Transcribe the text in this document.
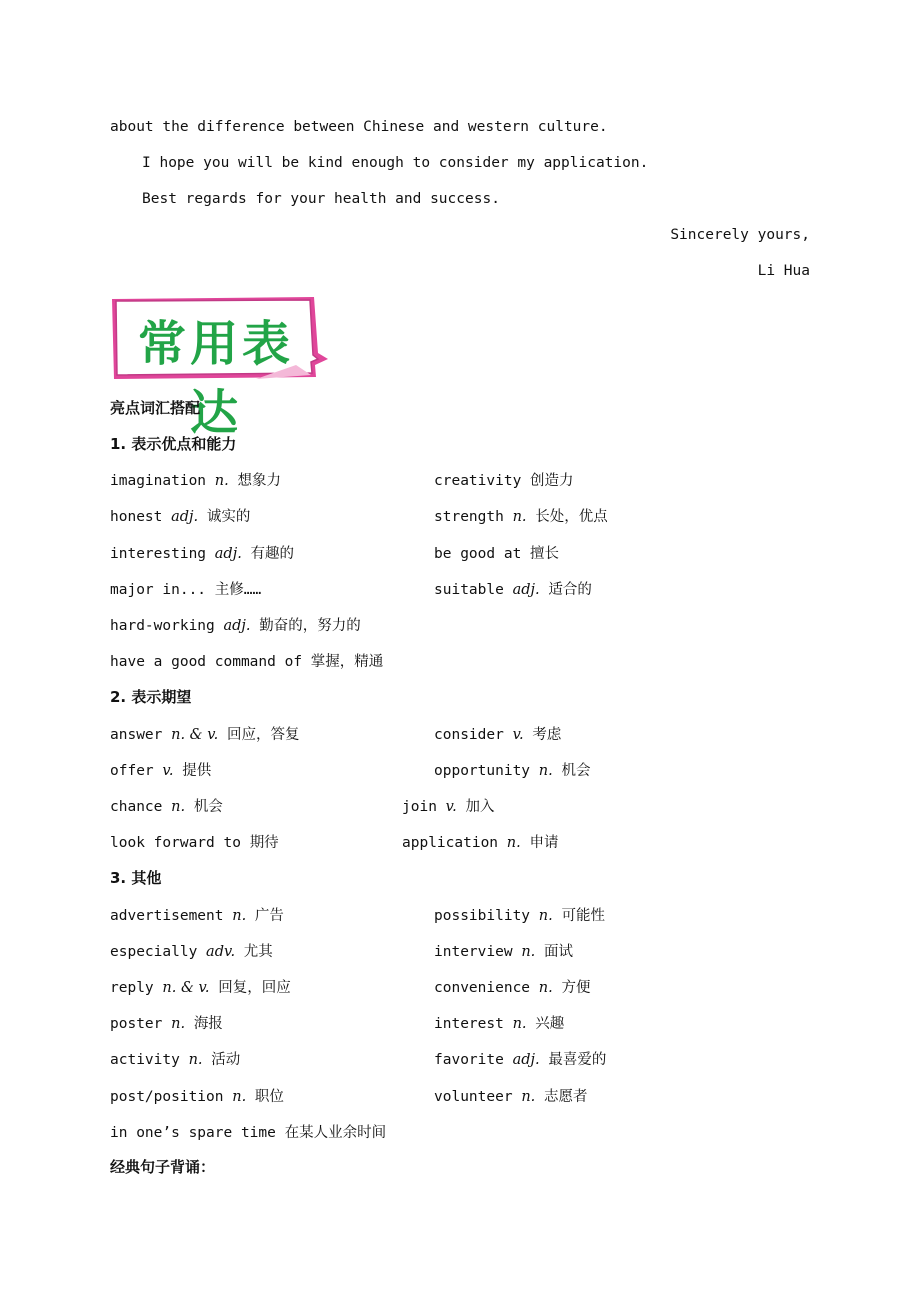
about the difference between Chinese and western culture.
I hope you will be kind enough to consider my application.
Best regards for your health and success.
Sincerely yours,
Li Hua
常用表达
亮点词汇搭配
1. 表示优点和能力
imagination n. 想象力	creativity 创造力
honest adj. 诚实的	strength n. 长处，优点
interesting adj. 有趣的	be good at 擅长
major in... 主修……	suitable adj. 适合的
hard-working adj. 勤奋的，努力的
have a good command of 掌握，精通
2. 表示期望
answer n. & v. 回应，答复	consider v. 考虑
offer v. 提供	opportunity n. 机会
chance n. 机会	join v. 加入
look forward to 期待	application n. 申请
3. 其他
advertisement n. 广告	possibility n. 可能性
especially adv. 尤其	interview n. 面试
reply n. & v. 回复，回应	convenience n. 方便
poster n. 海报	interest n. 兴趣
activity n. 活动	favorite adj. 最喜爱的
post/position n. 职位	volunteer n. 志愿者
in one’s spare time 在某人业余时间
经典句子背诵：
